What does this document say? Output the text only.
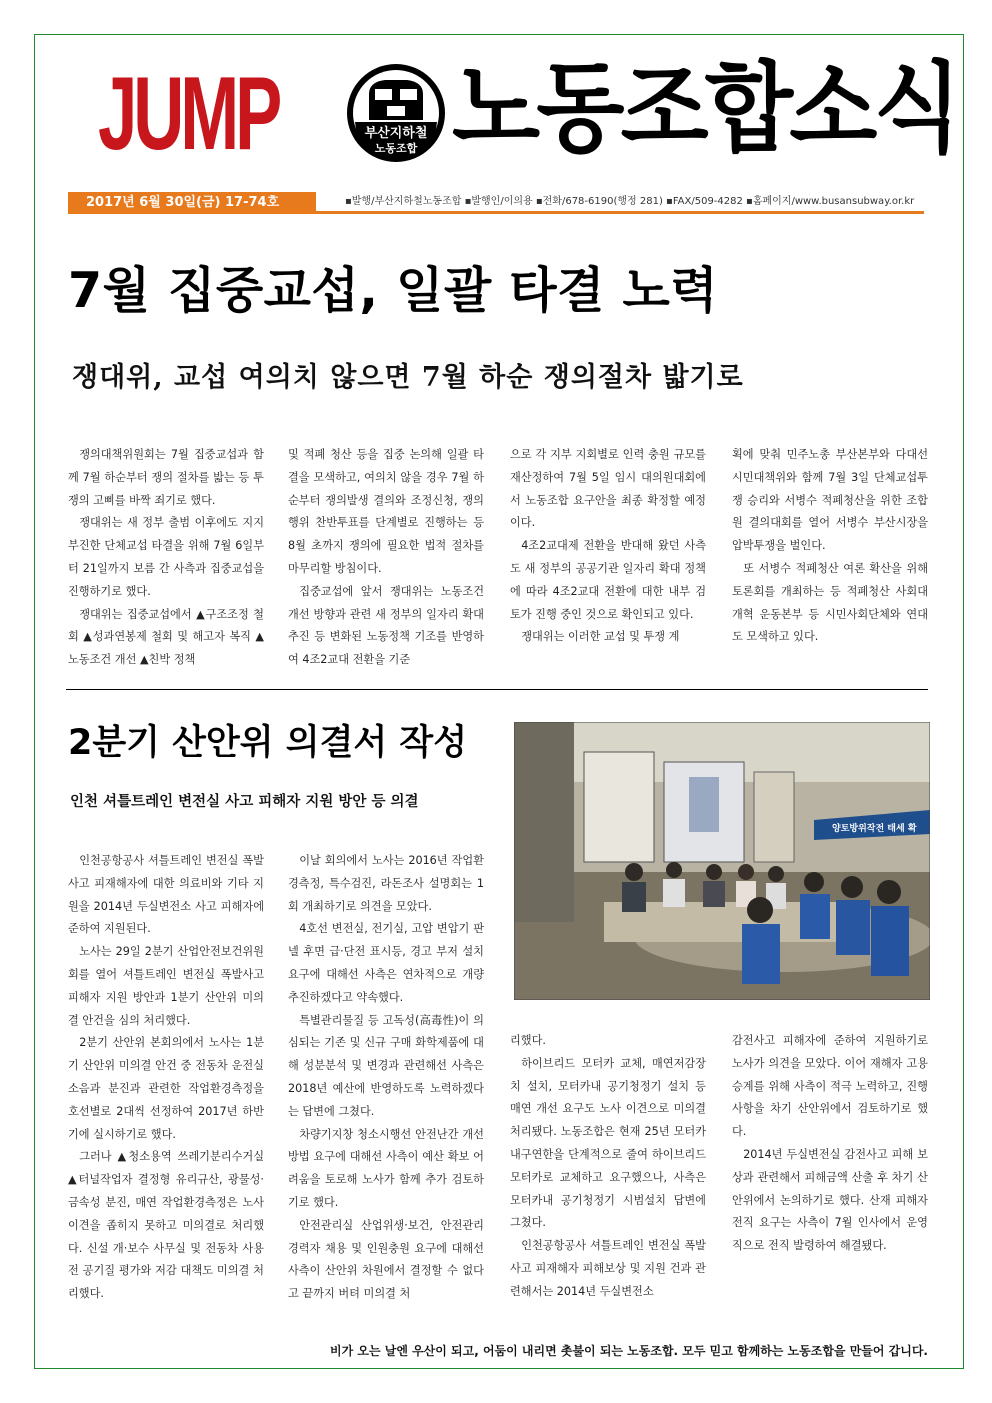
JUMP	부산지하철
노동조합 노동조합소식
2017년 6월 30일(금) 17-74호	▪발행/부산지하철노동조합 ▪발행인/이의용 ▪전화/678-6190(행정 281) ▪FAX/509-4282 ▪홈페이지/www.busansubway.or.kr
7월 집중교섭, 일괄 타결 노력
쟁대위, 교섭 여의치 않으면 7월 하순 쟁의절차 밟기로

쟁의대책위원회는 7월 집중교섭과 함께 7월 하순부터 쟁의 절차를 밟는 등 투쟁의 고삐를 바짝 죄기로 했다.

쟁대위는 새 정부 출범 이후에도 지지부진한 단체교섭 타결을 위해 7월 6일부터 21일까지 보름 간 사측과 집중교섭을 진행하기로 했다.

쟁대위는 집중교섭에서 ▲구조조정 철회 ▲성과연봉제 철회 및 해고자 복직 ▲노동조건 개선 ▲친박 정책

및 적폐 청산 등을 집중 논의해 일괄 타결을 모색하고, 여의치 않을 경우 7월 하순부터 쟁의발생 결의와 조정신청, 쟁의행위 찬반투표를 단계별로 진행하는 등 8월 초까지 쟁의에 필요한 법적 절차를 마무리할 방침이다.

집중교섭에 앞서 쟁대위는 노동조건 개선 방향과 관련 새 정부의 일자리 확대 추진 등 변화된 노동정책 기조를 반영하여 4조2교대 전환을 기준

으로 각 지부 지회별로 인력 충원 규모를 재산정하여 7월 5일 임시 대의원대회에서 노동조합 요구안을 최종 확정할 예정이다.

4조2교대제 전환을 반대해 왔던 사측도 새 정부의 공공기관 일자리 확대 정책에 따라 4조2교대 전환에 대한 내부 검토가 진행 중인 것으로 확인되고 있다.

쟁대위는 이러한 교섭 및 투쟁 계

획에 맞춰 민주노총 부산본부와 다대선시민대책위와 함께 7월 3일 단체교섭투쟁 승리와 서병수 적폐청산을 위한 조합원 결의대회를 열어 서병수 부산시장을 압박투쟁을 벌인다.

또 서병수 적폐청산 여론 확산을 위해 토론회를 개최하는 등 적폐청산 사회대개혁 운동본부 등 시민사회단체와 연대도 모색하고 있다.

2분기 산안위 의결서 작성
인천 셔틀트레인 변전실 사고 피해자 지원 방안 등 의결
양토방위작전 태세 확

인천공항공사 셔틀트레인 변전실 폭발사고 피재해자에 대한 의료비와 기타 지원을 2014년 두실변전소 사고 피해자에 준하여 지원된다.

노사는 29일 2분기 산업안전보건위원회를 열어 셔틀트레인 변전실 폭발사고 피해자 지원 방안과 1분기 산안위 미의결 안건을 심의 처리했다.

2분기 산안위 본회의에서 노사는 1분기 산안위 미의결 안건 중 전동차 운전실 소음과 분진과 관련한 작업환경측정을 호선별로 2대씩 선정하여 2017년 하반기에 실시하기로 했다.

그러나 ▲청소용역 쓰레기분리수거실 ▲터널작업자 결정형 유리규산, 광물성·금속성 분진, 매연 작업환경측정은 노사 이견을 좁히지 못하고 미의결로 처리했다. 신설 개·보수 사무실 및 전동차 사용 전 공기질 평가와 저감 대책도 미의결 처리했다.

이날 회의에서 노사는 2016년 작업환경측정, 특수검진, 라돈조사 설명회는 1회 개최하기로 의견을 모았다.

4호선 변전실, 전기실, 고압 변압기 판넬 후면 급·단전 표시등, 경고 부저 설치 요구에 대해선 사측은 연차적으로 개량추진하겠다고 약속했다.

특별관리물질 등 고독성(高毒性)이 의심되는 기존 및 신규 구매 화학제품에 대해 성분분석 및 변경과 관련해선 사측은 2018년 예산에 반영하도록 노력하겠다는 답변에 그쳤다.

차량기지창 청소시행선 안전난간 개선방법 요구에 대해선 사측이 예산 확보 어려움을 토로해 노사가 함께 추가 검토하기로 했다.

안전관리실 산업위생·보건, 안전관리경력자 채용 및 인원충원 요구에 대해선 사측이 산안위 차원에서 결정할 수 없다고 끝까지 버텨 미의결 처

리했다.

하이브리드 모터카 교체, 매연저감장치 설치, 모터카내 공기청정기 설치 등 매연 개선 요구도 노사 이견으로 미의결 처리됐다. 노동조합은 현재 25년 모터카 내구연한을 단계적으로 줄여 하이브리드 모터카로 교체하고 요구했으나, 사측은 모터카내 공기청정기 시범설치 답변에 그쳤다.

인천공항공사 셔틀트레인 변전실 폭발사고 피재해자 피해보상 및 지원 건과 관련해서는 2014년 두실변전소

감전사고 피해자에 준하여 지원하기로 노사가 의견을 모았다. 이어 재해자 고용승계를 위해 사측이 적극 노력하고, 진행사항을 차기 산안위에서 검토하기로 했다.

2014년 두실변전실 감전사고 피해 보상과 관련해서 피해금액 산출 후 차기 산안위에서 논의하기로 했다. 산재 피해자 전직 요구는 사측이 7월 인사에서 운영직으로 전직 발령하여 해결됐다.

비가 오는 날엔 우산이 되고, 어둠이 내리면 촛불이 되는 노동조합. 모두 믿고 함께하는 노동조합을 만들어 갑니다.
